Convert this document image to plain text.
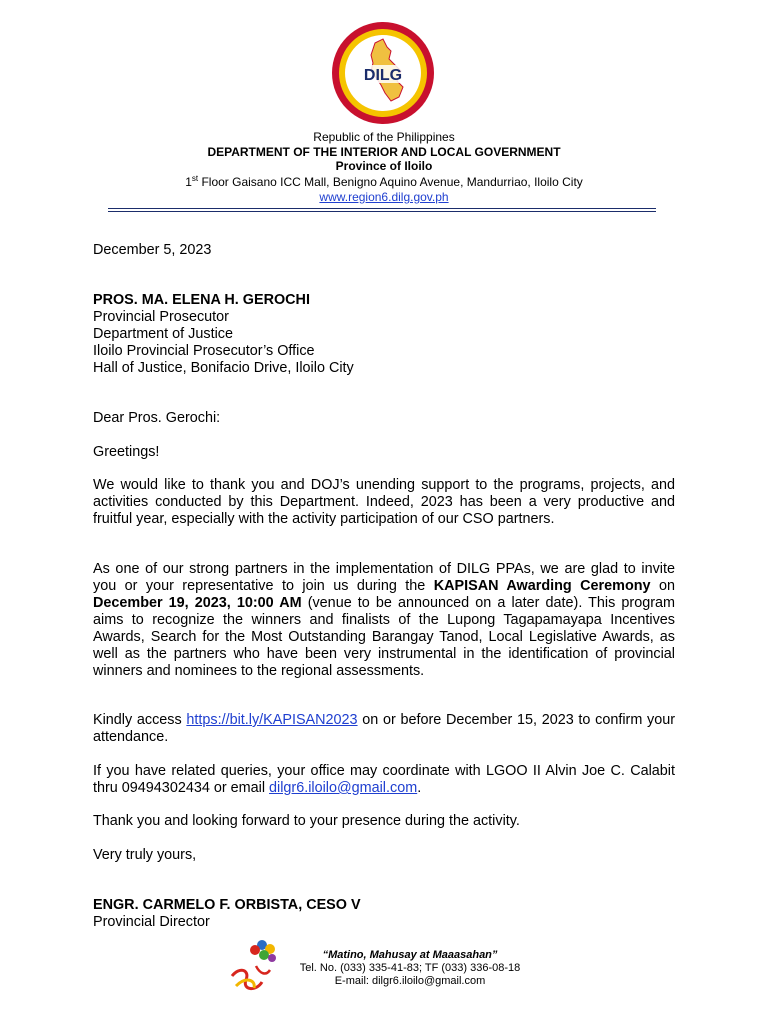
DILG
Republic of the Philippines
DEPARTMENT OF THE INTERIOR AND LOCAL GOVERNMENT
Province of Iloilo
1st Floor Gaisano ICC Mall, Benigno Aquino Avenue, Mandurriao, Iloilo City
www.region6.dilg.gov.ph
December 5, 2023
PROS. MA. ELENA H. GEROCHI
Provincial Prosecutor
Department of Justice
Iloilo Provincial Prosecutor’s Office
Hall of Justice, Bonifacio Drive, Iloilo City
Dear Pros. Gerochi:
Greetings!
We would like to thank you and DOJ’s unending support to the programs, projects, and activities conducted by this Department. Indeed, 2023 has been a very productive and fruitful year, especially with the activity participation of our CSO partners.
As one of our strong partners in the implementation of DILG PPAs, we are glad to invite you or your representative to join us during the KAPISAN Awarding Ceremony on December 19, 2023, 10:00 AM (venue to be announced on a later date). This program aims to recognize the winners and finalists of the Lupong Tagapamayapa Incentives Awards, Search for the Most Outstanding Barangay Tanod, Local Legislative Awards, as well as the partners who have been very instrumental in the identification of provincial winners and nominees to the regional assessments.
Kindly access https://bit.ly/KAPISAN2023 on or before December 15, 2023 to confirm your attendance.
If you have related queries, your office may coordinate with LGOO II Alvin Joe C. Calabit thru 09494302434 or email dilgr6.iloilo@gmail.com.
Thank you and looking forward to your presence during the activity.
Very truly yours,
ENGR. CARMELO F. ORBISTA, CESO V
Provincial Director
“Matino, Mahusay at Maaasahan”
Tel. No. (033) 335-41-83; TF (033) 336-08-18
E-mail: dilgr6.iloilo@gmail.com
